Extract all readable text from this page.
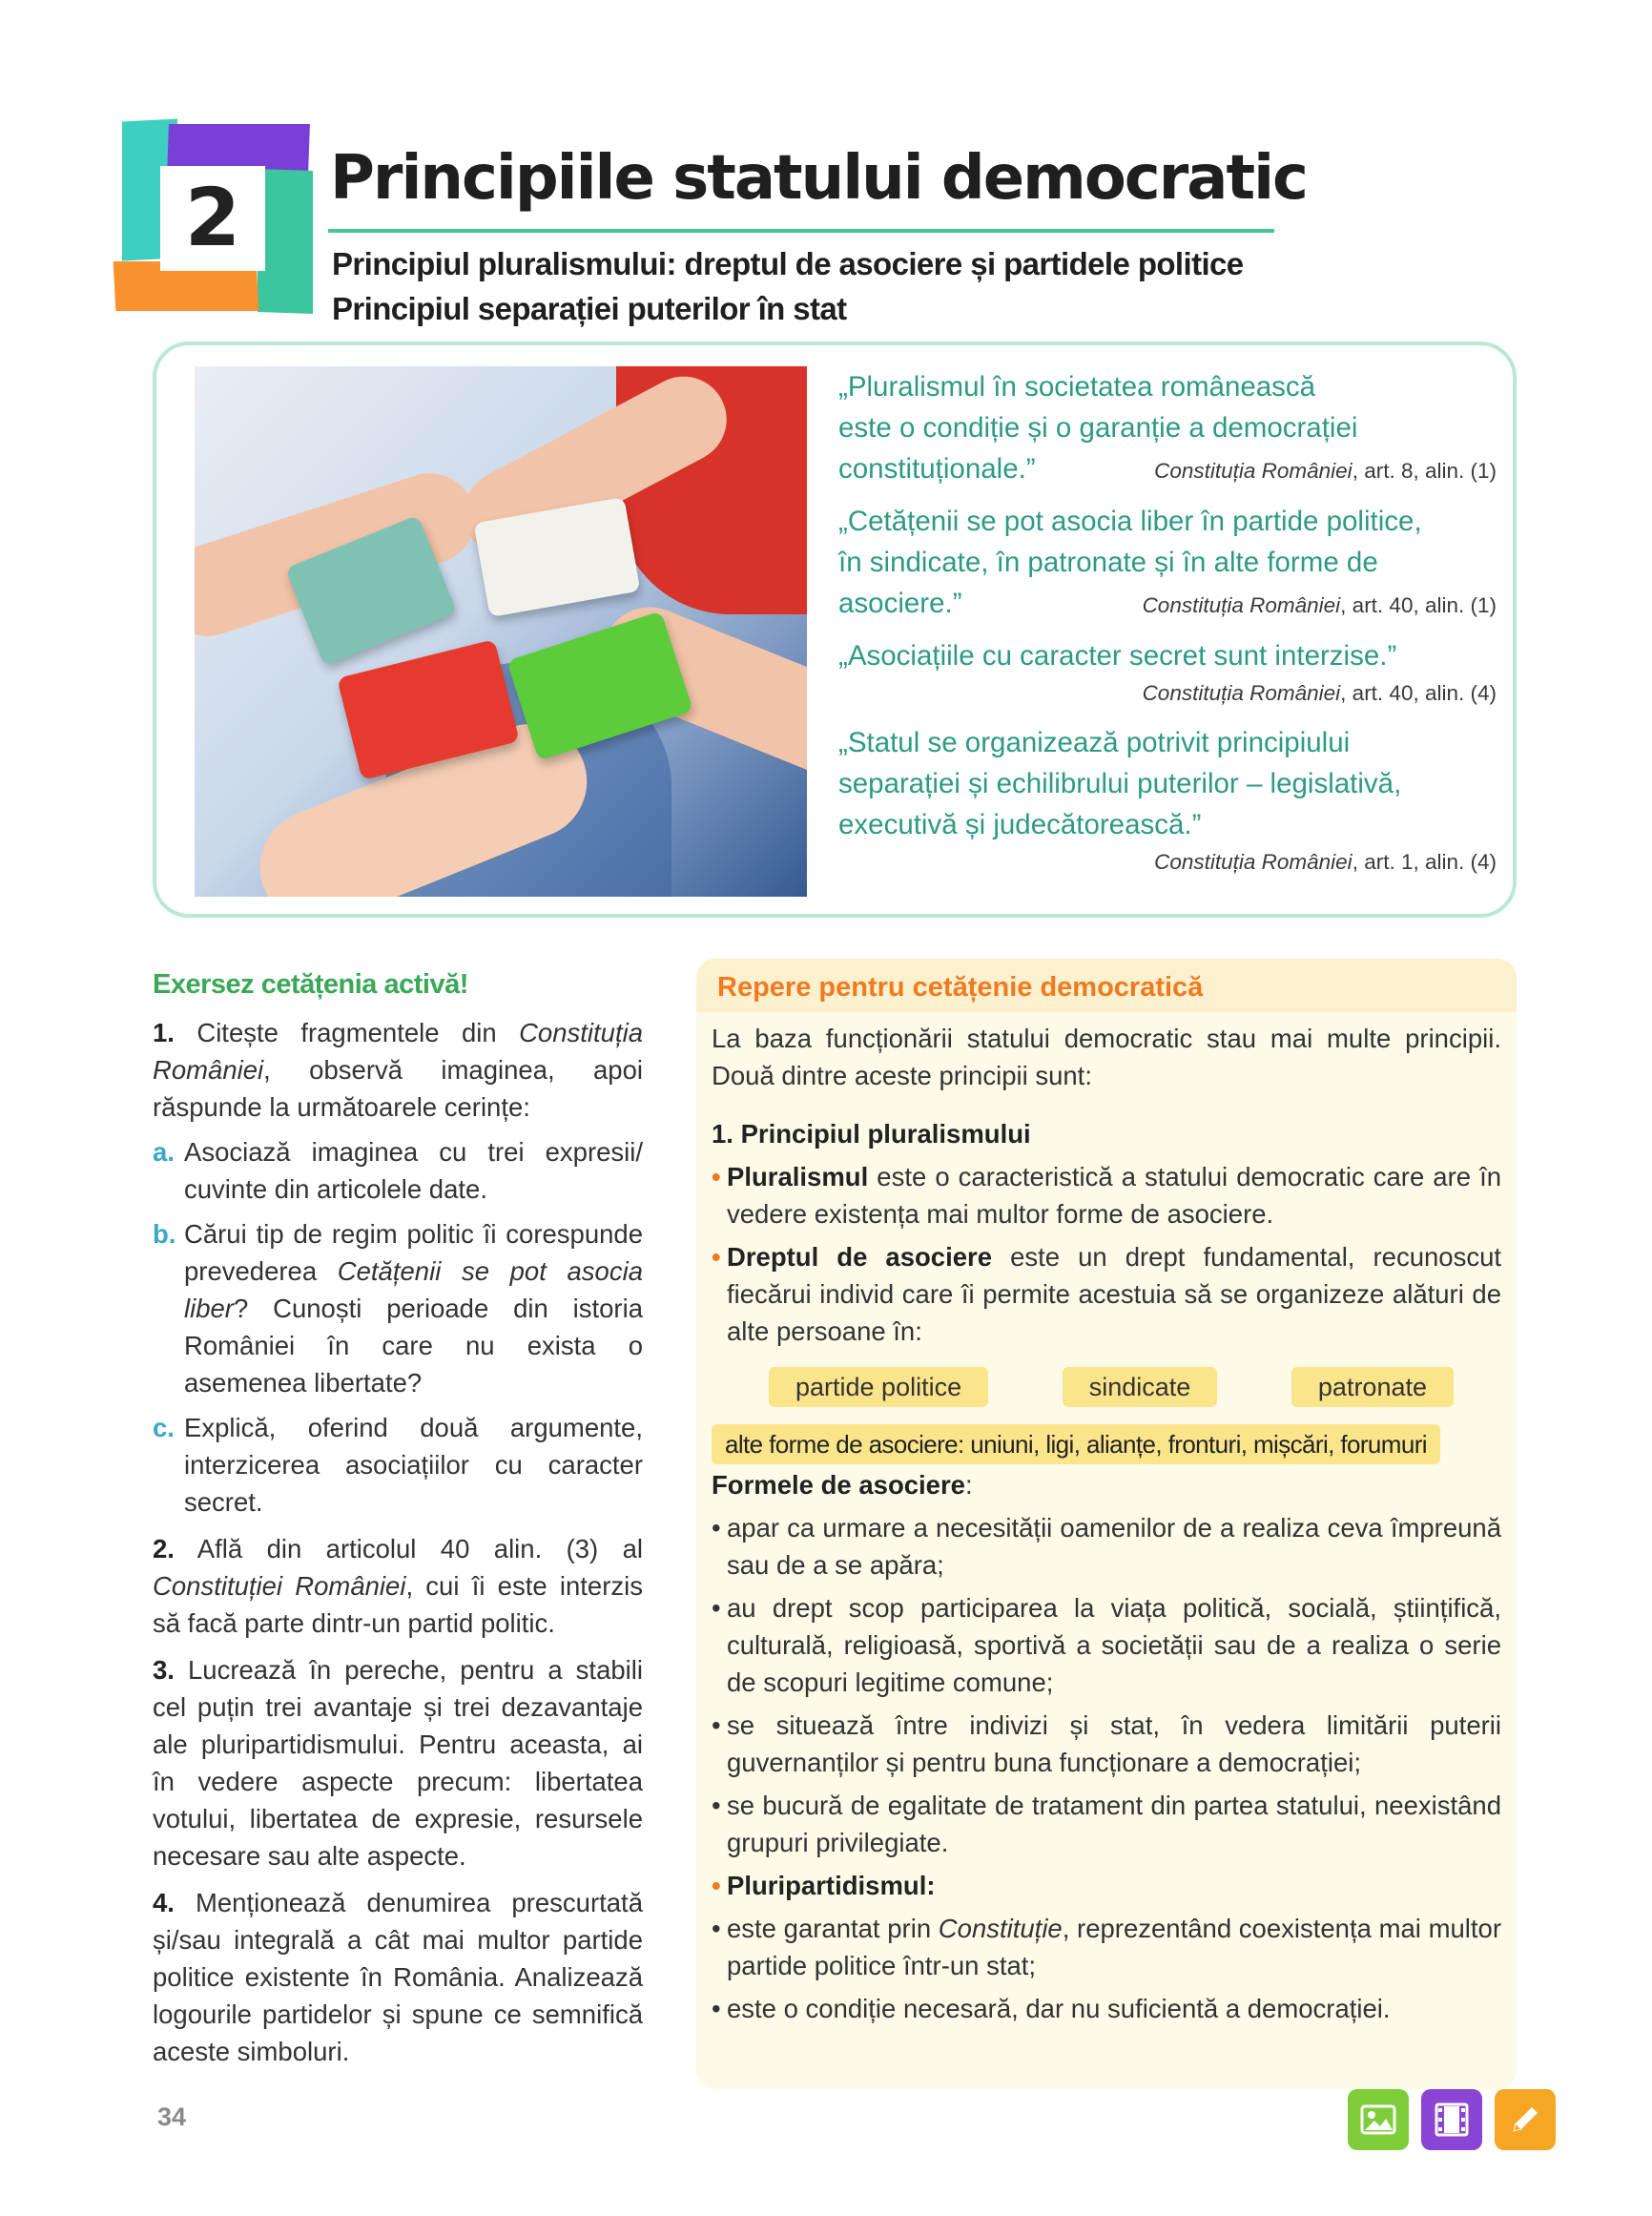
2	Principiile statului democratic
Principiul pluralismului: dreptul de asociere și partidele politice
Principiul separației puterilor în stat
„Pluralismul în societatea românească
este o condiție și o garanție a democrației
constituționale.”	Constituția României, art. 8, alin. (1)
„Cetățenii se pot asocia liber în partide politice,
în sindicate, în patronate și în alte forme de
asociere.”	Constituția României, art. 40, alin. (1)
„Asociațiile cu caracter secret sunt interzise.”
Constituția României, art. 40, alin. (4)
„Statul se organizează potrivit principiului
separației și echilibrului puterilor – legislativă,
executivă și judecătorească.”
Constituția României, art. 1, alin. (4)
Exersez cetățenia activă!
1. Citește fragmentele din Constituția României, observă imaginea, apoi răspunde la următoarele cerințe:
a. Asociază imaginea cu trei expresii/ cuvinte din articolele date.
b. Cărui tip de regim politic îi corespunde prevederea Cetățenii se pot asocia liber? Cunoști perioade din istoria României în care nu exista o asemenea libertate?
c. Explică, oferind două argumente, interzicerea asociațiilor cu caracter secret.
2. Află din articolul 40 alin. (3) al Constituției României, cui îi este interzis să facă parte dintr-un partid politic.
3. Lucrează în pereche, pentru a stabili cel puțin trei avantaje și trei dezavantaje ale pluripartidismului. Pentru aceasta, ai în vedere aspecte precum: libertatea votului, libertatea de expresie, resursele necesare sau alte aspecte.
4. Menționează denumirea prescurtată și/sau integrală a cât mai multor partide politice existente în România. Analizează logourile partidelor și spune ce semnifică aceste simboluri.
Repere pentru cetățenie democratică
La baza funcționării statului democratic stau mai multe principii. Două dintre aceste principii sunt:
1. Principiul pluralismului
• Pluralismul este o caracteristică a statului democratic care are în vedere existența mai multor forme de asociere.
• Dreptul de asociere este un drept fundamental, recunoscut fiecărui individ care îi permite acestuia să se organizeze alături de alte persoane în:
partide politice	sindicate	patronate
alte forme de asociere: uniuni, ligi, alianțe, fronturi, mișcări, forumuri
Formele de asociere:
• apar ca urmare a necesității oamenilor de a realiza ceva împreună sau de a se apăra;
• au drept scop participarea la viața politică, socială, științifică, culturală, religioasă, sportivă a societății sau de a realiza o serie de scopuri legitime comune;
• se situează între indivizi și stat, în vedera limitării puterii guvernanților și pentru buna funcționare a democrației;
• se bucură de egalitate de tratament din partea statului, neexistând grupuri privilegiate.
• Pluripartidismul:
• este garantat prin Constituție, reprezentând coexistența mai multor partide politice într-un stat;
• este o condiție necesară, dar nu suficientă a democrației.
34
